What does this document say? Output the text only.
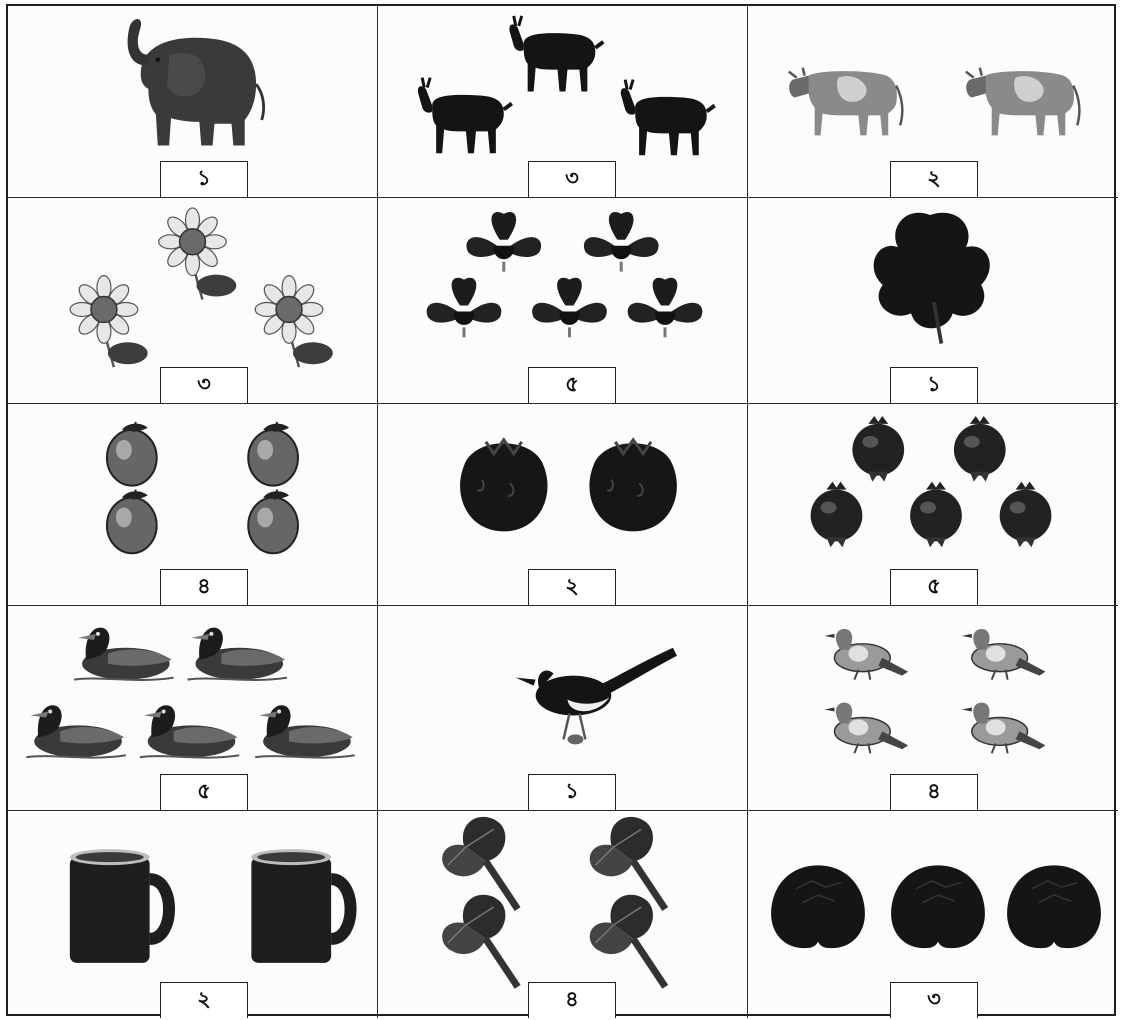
১	৩	২
৩	৫	১
৪	২	৫
৫	১	৪
২	৪	৩
